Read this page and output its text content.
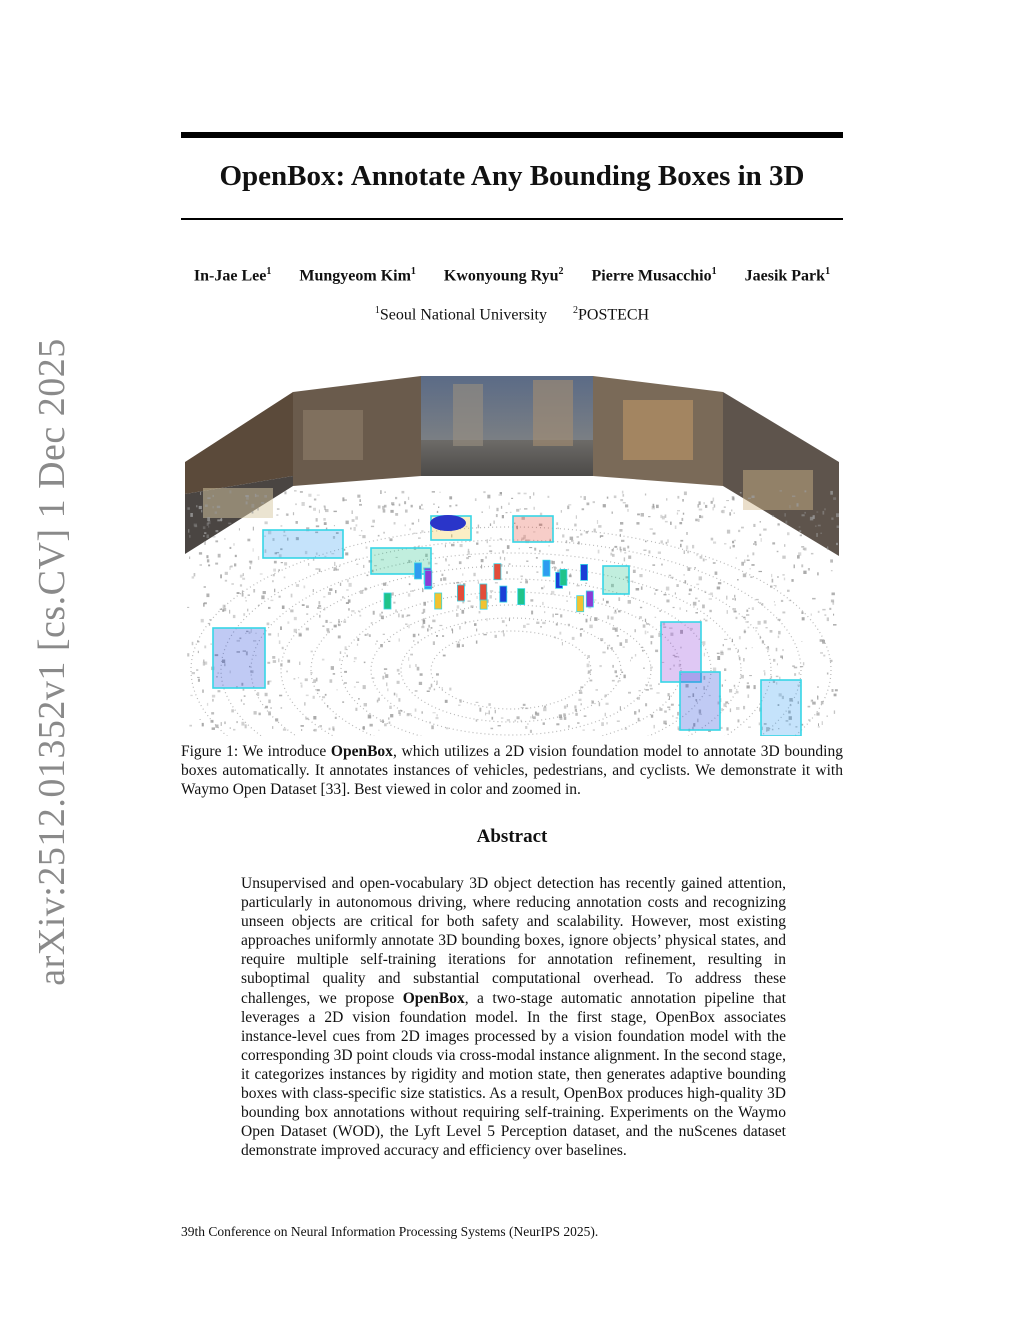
arXiv:2512.01352v1 [cs.CV] 1 Dec 2025
OpenBox: Annotate Any Bounding Boxes in 3D
In-Jae Lee$^1$ Mungyeom Kim$^1$ Kwonyoung Ryu$^2$ Pierre Musacchio$^1$ Jaesik Park$^1$
$^1$Seoul National University	$^2$POSTECH

Figure 1: We introduce OpenBox, which utilizes a 2D vision foundation model to annotate 3D bounding boxes automatically. It annotates instances of vehicles, pedestrians, and cyclists. We demonstrate it with Waymo Open Dataset [33]. Best viewed in color and zoomed in.

Abstract

Unsupervised and open-vocabulary 3D object detection has recently gained attention, particularly in autonomous driving, where reducing annotation costs and recognizing unseen objects are critical for both safety and scalability. However, most existing approaches uniformly annotate 3D bounding boxes, ignore objects’ physical states, and require multiple self-training iterations for annotation refinement, resulting in suboptimal quality and substantial computational overhead. To address these challenges, we propose OpenBox, a two-stage automatic annotation pipeline that leverages a 2D vision foundation model. In the first stage, OpenBox associates instance-level cues from 2D images processed by a vision foundation model with the corresponding 3D point clouds via cross-modal instance alignment. In the second stage, it categorizes instances by rigidity and motion state, then generates adaptive bounding boxes with class-specific size statistics. As a result, OpenBox produces high-quality 3D bounding box annotations without requiring self-training. Experiments on the Waymo Open Dataset (WOD), the Lyft Level 5 Perception dataset, and the nuScenes dataset demonstrate improved accuracy and efficiency over baselines.

39th Conference on Neural Information Processing Systems (NeurIPS 2025).
